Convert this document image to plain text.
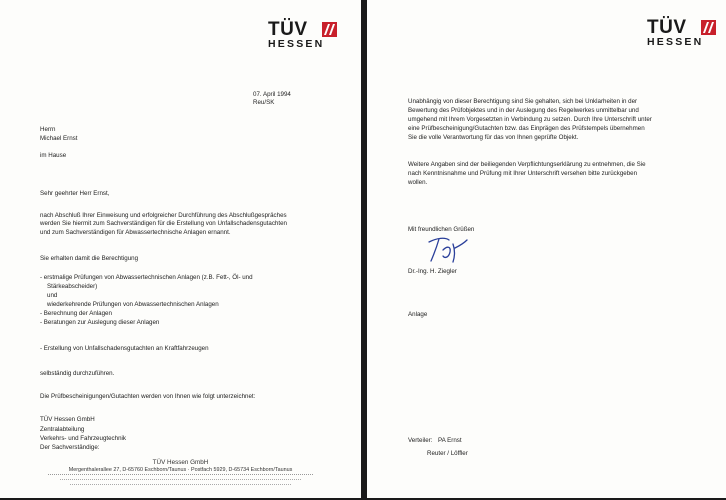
TÜV
HESSEN
07. April 1994
Reu/SK
Herrn
Michael Ernst
im Hause
Sehr geehrter Herr Ernst,
nach Abschluß Ihrer Einweisung und erfolgreicher Durchführung des Abschlußgespräches
werden Sie hiermit zum Sachverständigen für die Erstellung von Unfallschadensgutachten
und zum Sachverständigen für Abwassertechnische Anlagen ernannt.
Sie erhalten damit die Berechtigung
- erstmalige Prüfungen von Abwassertechnischen Anlagen (z.B. Fett-, Öl- und
Stärkeabscheider)
und
wiederkehrende Prüfungen von Abwassertechnischen Anlagen
- Berechnung der Anlagen
- Beratungen zur Auslegung dieser Anlagen
- Erstellung von Unfallschadensgutachten an Kraftfahrzeugen
selbständig durchzuführen.
Die Prüfbescheinigungen/Gutachten werden von Ihnen wie folgt unterzeichnet:
TÜV Hessen GmbH
Zentralabteilung
Verkehrs- und Fahrzeugtechnik
Der Sachverständige:
TÜV Hessen GmbH
Mergenthalerallee 27, D-65760 Eschborn/Taunus · Postfach 5929, D-65734 Eschborn/Taunus
TÜV
HESSEN
Unabhängig von dieser Berechtigung sind Sie gehalten, sich bei Unklarheiten in der
Bewertung des Prüfobjektes und in der Auslegung des Regelwerkes unmittelbar und
umgehend mit Ihrem Vorgesetzten in Verbindung zu setzen. Durch Ihre Unterschrift unter
eine Prüfbescheinigung/Gutachten bzw. das Einprägen des Prüfstempels übernehmen
Sie die volle Verantwortung für das von Ihnen geprüfte Objekt.
Weitere Angaben sind der beiliegenden Verpflichtungserklärung zu entnehmen, die Sie
nach Kenntnisnahme und Prüfung mit Ihrer Unterschrift versehen bitte zurückgeben
wollen.
Mit freundlichen Grüßen
Dr.-Ing. H. Ziegler
Anlage
Verteiler: PA Ernst
Reuter / Löffler
